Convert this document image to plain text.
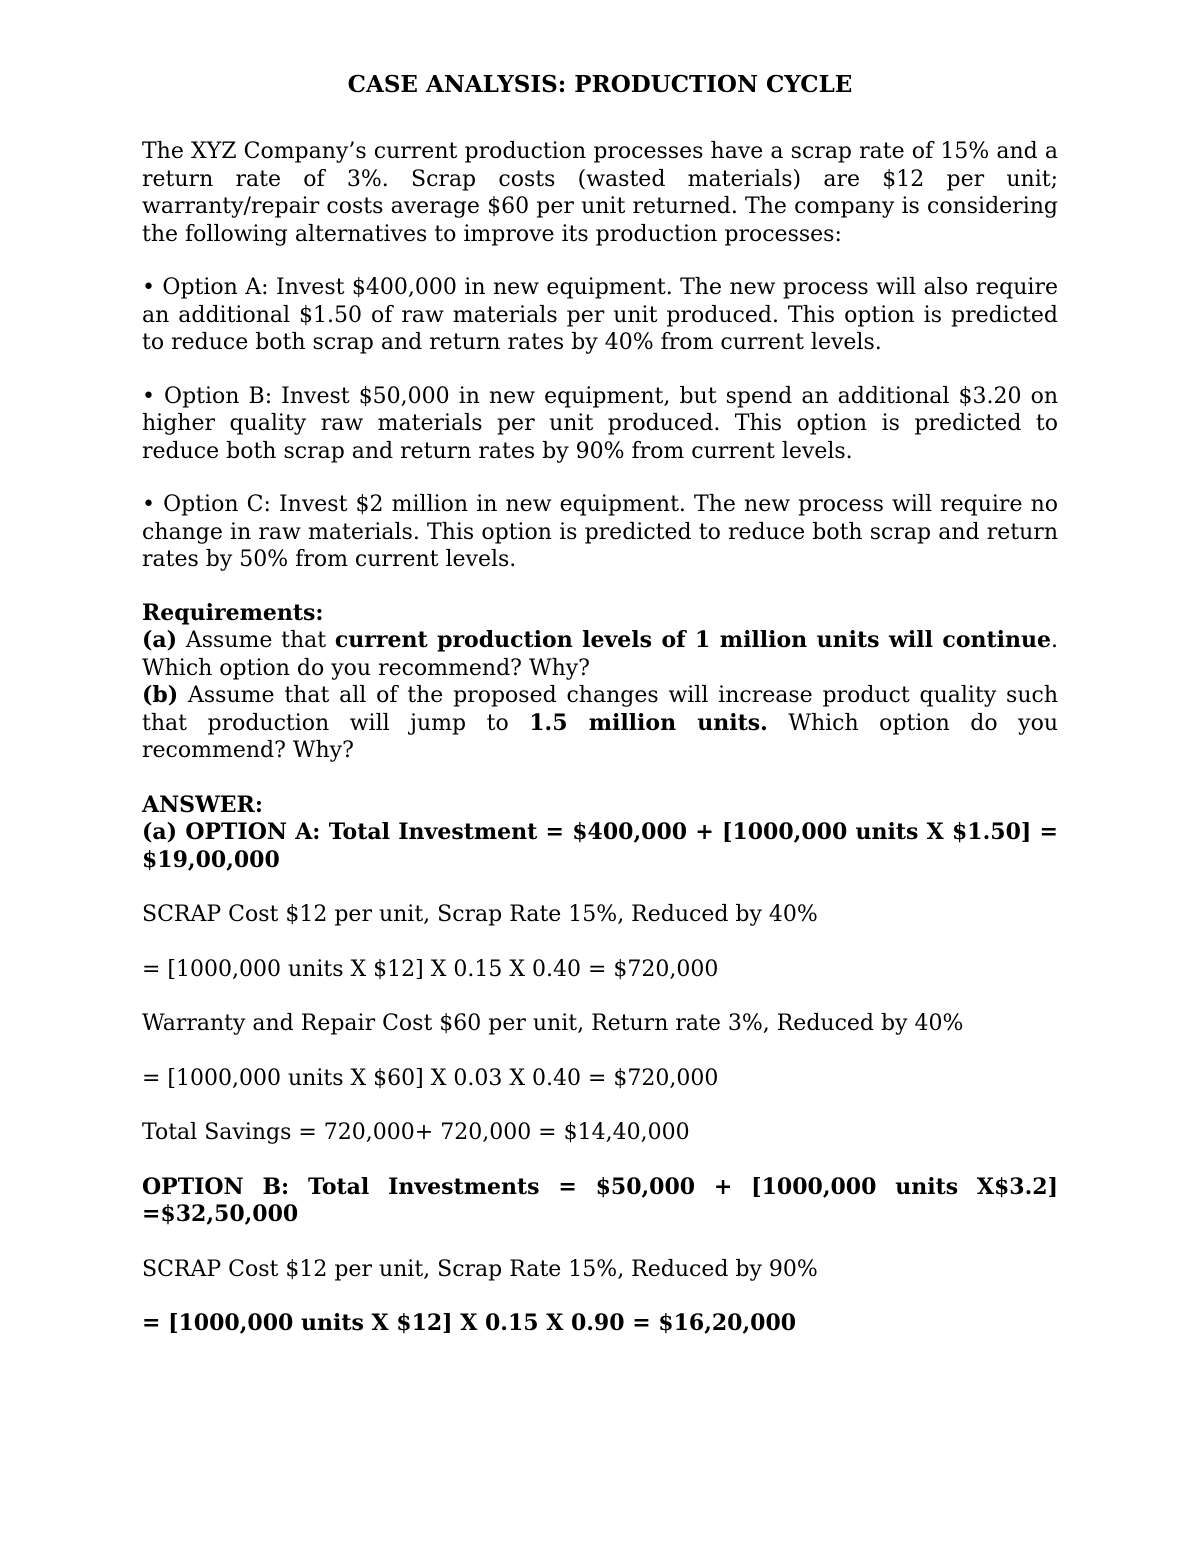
CASE ANALYSIS: PRODUCTION CYCLE

The XYZ Company’s current production processes have a scrap rate of 15% and a return rate of 3%. Scrap costs (wasted materials) are $12 per unit; warranty/repair costs average $60 per unit returned. The company is considering the following alternatives to improve its production processes:

• Option A: Invest $400,000 in new equipment. The new process will also require an additional $1.50 of raw materials per unit produced. This option is predicted to reduce both scrap and return rates by 40% from current levels.

• Option B: Invest $50,000 in new equipment, but spend an additional $3.20 on higher quality raw materials per unit produced. This option is predicted to reduce both scrap and return rates by 90% from current levels.

• Option C: Invest $2 million in new equipment. The new process will require no change in raw materials. This option is predicted to reduce both scrap and return rates by 50% from current levels.

Requirements:

(a) Assume that current production levels of 1 million units will continue. Which option do you recommend? Why?

(b) Assume that all of the proposed changes will increase product quality such that production will jump to 1.5 million units. Which option do you recommend? Why?

ANSWER:

(a) OPTION A: Total Investment = $400,000 + [1000,000 units X $1.50] = $19,00,000

SCRAP Cost $12 per unit, Scrap Rate 15%, Reduced by 40%

= [1000,000 units X $12] X 0.15 X 0.40 = $720,000

Warranty and Repair Cost $60 per unit, Return rate 3%, Reduced by 40%

= [1000,000 units X $60] X 0.03 X 0.40 = $720,000

Total Savings = 720,000+ 720,000 = $14,40,000

OPTION B: Total Investments = $50,000 + [1000,000 units X$3.2] =$32,50,000

SCRAP Cost $12 per unit, Scrap Rate 15%, Reduced by 90%

= [1000,000 units X $12] X 0.15 X 0.90 = $16,20,000
